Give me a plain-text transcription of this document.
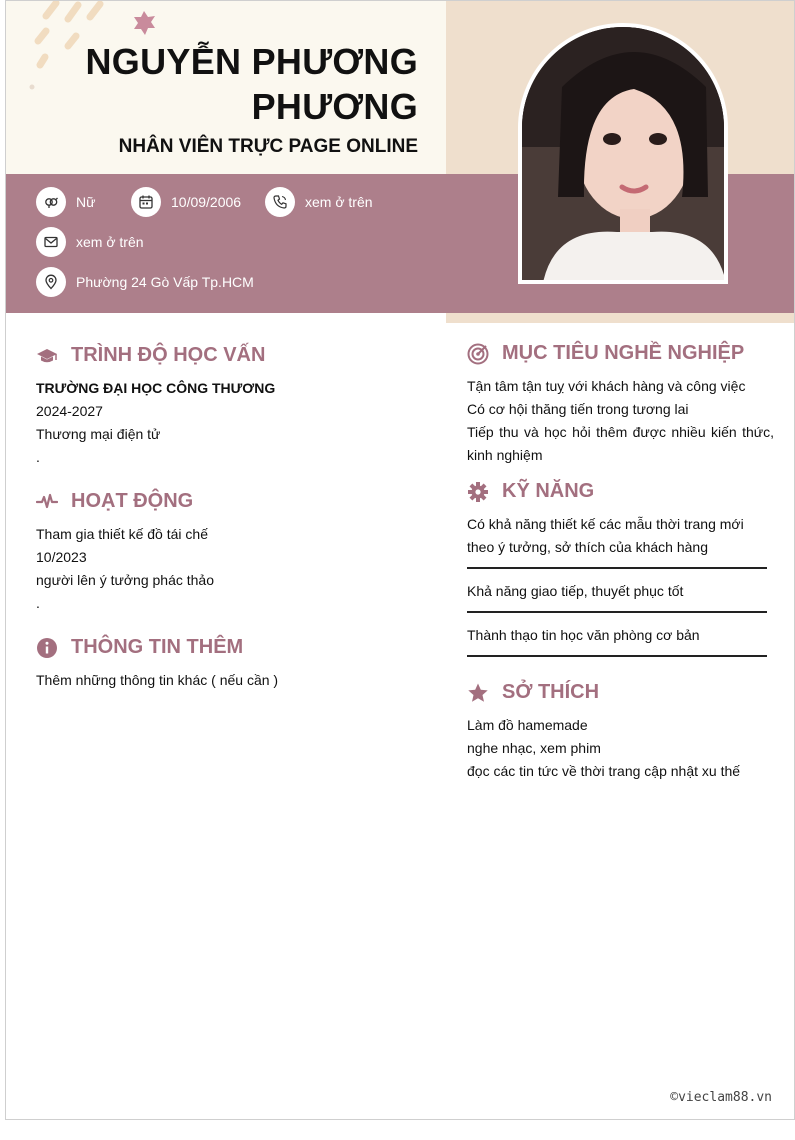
NGUYỄN PHƯƠNG
PHƯƠNG
NHÂN VIÊN TRỰC PAGE ONLINE
Nữ	10/09/2006	xem ở trên
xem ở trên
Phường 24 Gò Vấp Tp.HCM
TRÌNH ĐỘ HỌC VẤN
TRƯỜNG ĐẠI HỌC CÔNG THƯƠNG
2024-2027
Thương mại điện tử
.
HOẠT ĐỘNG
Tham gia thiết kế đồ tái chế
10/2023
người lên ý tưởng phác thảo
.
THÔNG TIN THÊM
Thêm những thông tin khác ( nếu cần )
MỤC TIÊU NGHỀ NGHIỆP
Tận tâm tận tuỵ với khách hàng và công việc
Có cơ hội thăng tiến trong tương lai
Tiếp thu và học hỏi thêm được nhiều kiến thức, kinh nghiệm
KỸ NĂNG
Có khả năng thiết kế các mẫu thời trang mới theo ý tưởng, sở thích của khách hàng
Khả năng giao tiếp, thuyết phục tốt
Thành thạo tin học văn phòng cơ bản
SỞ THÍCH
Làm đồ hamemade
nghe nhạc, xem phim
đọc các tin tức về thời trang cập nhật xu thế
©vieclam88.vn
